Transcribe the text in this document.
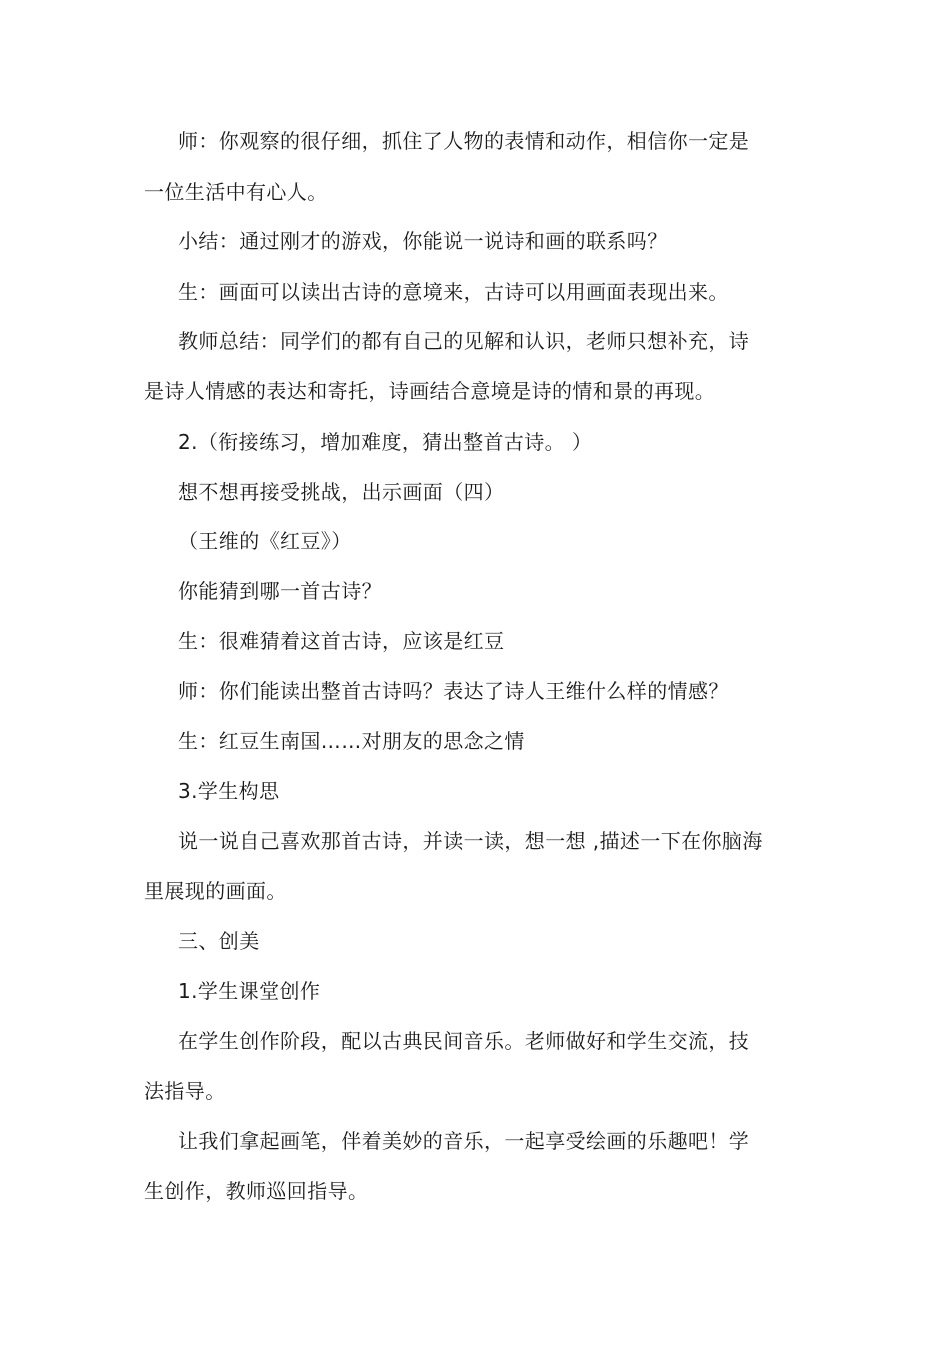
师：你观察的很仔细，抓住了人物的表情和动作，相信你一定是
一位生活中有心人。
小结：通过刚才的游戏，你能说一说诗和画的联系吗？
生：画面可以读出古诗的意境来，古诗可以用画面表现出来。
教师总结：同学们的都有自己的见解和认识，老师只想补充，诗
是诗人情感的表达和寄托，诗画结合意境是诗的情和景的再现。
2.（衔接练习，增加难度，猜出整首古诗。 ）
想不想再接受挑战，出示画面（四）
（王维的《红豆》）
你能猜到哪一首古诗？
生：很难猜着这首古诗，应该是红豆
师：你们能读出整首古诗吗？表达了诗人王维什么样的情感？
生：红豆生南国……对朋友的思念之情
3.学生构思
说一说自己喜欢那首古诗，并读一读，想一想 ,描述一下在你脑海
里展现的画面。
三、创美
1.学生课堂创作
在学生创作阶段，配以古典民间音乐。老师做好和学生交流，技
法指导。
让我们拿起画笔，伴着美妙的音乐，一起享受绘画的乐趣吧！学
生创作，教师巡回指导。
